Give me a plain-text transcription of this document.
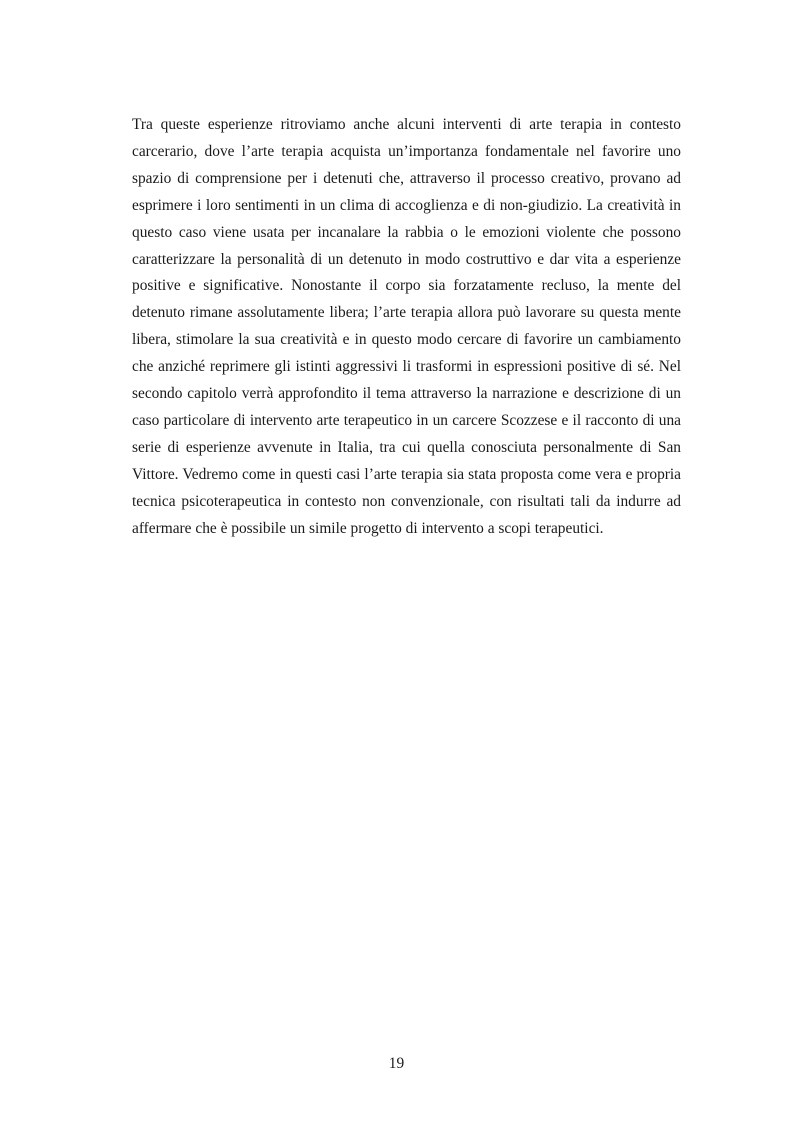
Tra queste esperienze ritroviamo anche alcuni interventi di arte terapia in contesto carcerario, dove l’arte terapia acquista un’importanza fondamentale nel favorire uno spazio di comprensione per i detenuti che, attraverso il processo creativo, provano ad esprimere i loro sentimenti in un clima di accoglienza e di non-giudizio. La creatività in questo caso viene usata per incanalare la rabbia o le emozioni violente che possono caratterizzare la personalità di un detenuto in modo costruttivo e dar vita a esperienze positive e significative. Nonostante il corpo sia forzatamente recluso, la mente del detenuto rimane assolutamente libera; l’arte terapia allora può lavorare su questa mente libera, stimolare la sua creatività e in questo modo cercare di favorire un cambiamento che anziché reprimere gli istinti aggressivi li trasformi in espressioni positive di sé. Nel secondo capitolo verrà approfondito il tema attraverso la narrazione e descrizione di un caso particolare di intervento arte terapeutico in un carcere Scozzese e il racconto di una serie di esperienze avvenute in Italia, tra cui quella conosciuta personalmente di San Vittore. Vedremo come in questi casi l’arte terapia sia stata proposta come vera e propria tecnica psicoterapeutica in contesto non convenzionale, con risultati tali da indurre ad affermare che è possibile un simile progetto di intervento a scopi terapeutici.

19
